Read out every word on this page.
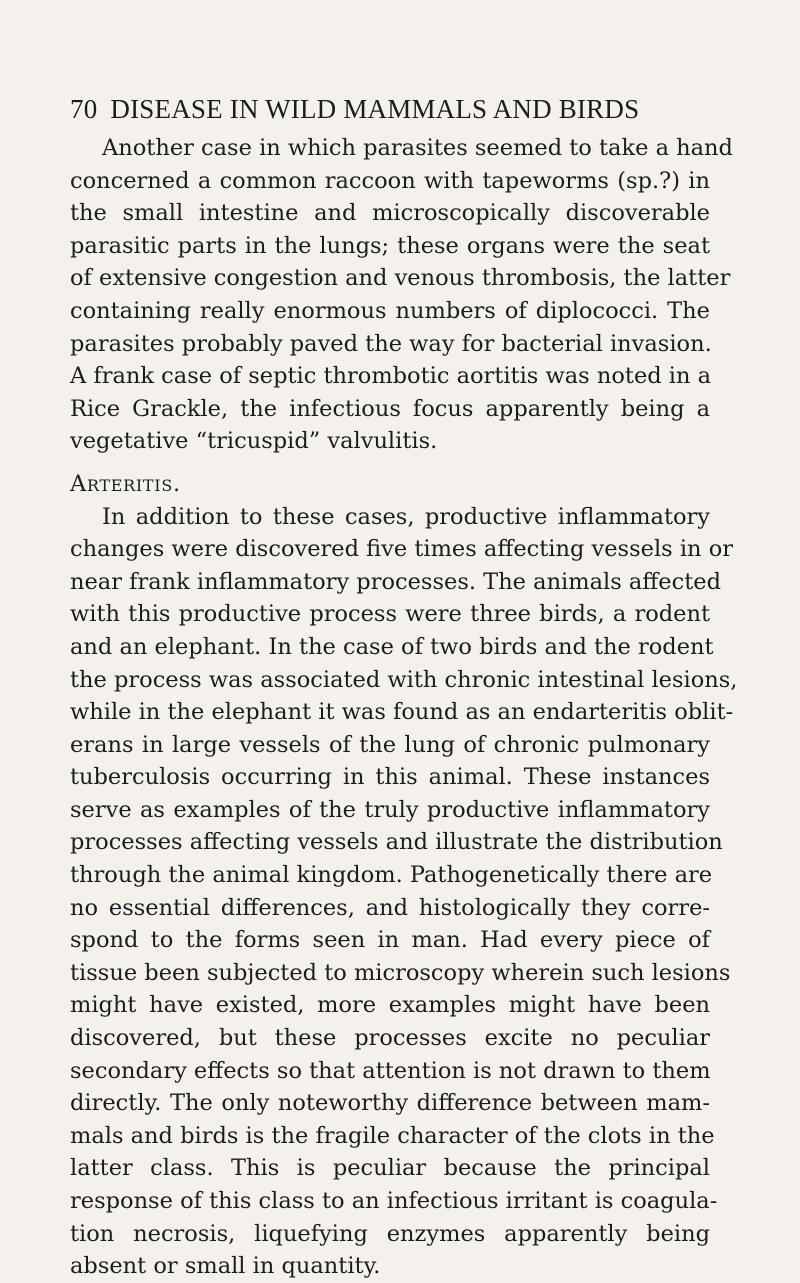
70 DISEASE IN WILD MAMMALS AND BIRDS
Another case in which parasites seemed to take a hand
concerned a common raccoon with tapeworms (sp.?) in
the small intestine and microscopically discoverable
parasitic parts in the lungs; these organs were the seat
of extensive congestion and venous thrombosis, the latter
containing really enormous numbers of diplococci. The
parasites probably paved the way for bacterial invasion.
A frank case of septic thrombotic aortitis was noted in a
Rice Grackle, the infectious focus apparently being a
vegetative “tricuspid” valvulitis.
Arteritis.
In addition to these cases, productive inflammatory
changes were discovered five times affecting vessels in or
near frank inflammatory processes. The animals affected
with this productive process were three birds, a rodent
and an elephant. In the case of two birds and the rodent
the process was associated with chronic intestinal lesions,
while in the elephant it was found as an endarteritis oblit-
erans in large vessels of the lung of chronic pulmonary
tuberculosis occurring in this animal. These instances
serve as examples of the truly productive inflammatory
processes affecting vessels and illustrate the distribution
through the animal kingdom. Pathogenetically there are
no essential differences, and histologically they corre-
spond to the forms seen in man. Had every piece of
tissue been subjected to microscopy wherein such lesions
might have existed, more examples might have been
discovered, but these processes excite no peculiar
secondary effects so that attention is not drawn to them
directly. The only noteworthy difference between mam-
mals and birds is the fragile character of the clots in the
latter class. This is peculiar because the principal
response of this class to an infectious irritant is coagula-
tion necrosis, liquefying enzymes apparently being
absent or small in quantity.
